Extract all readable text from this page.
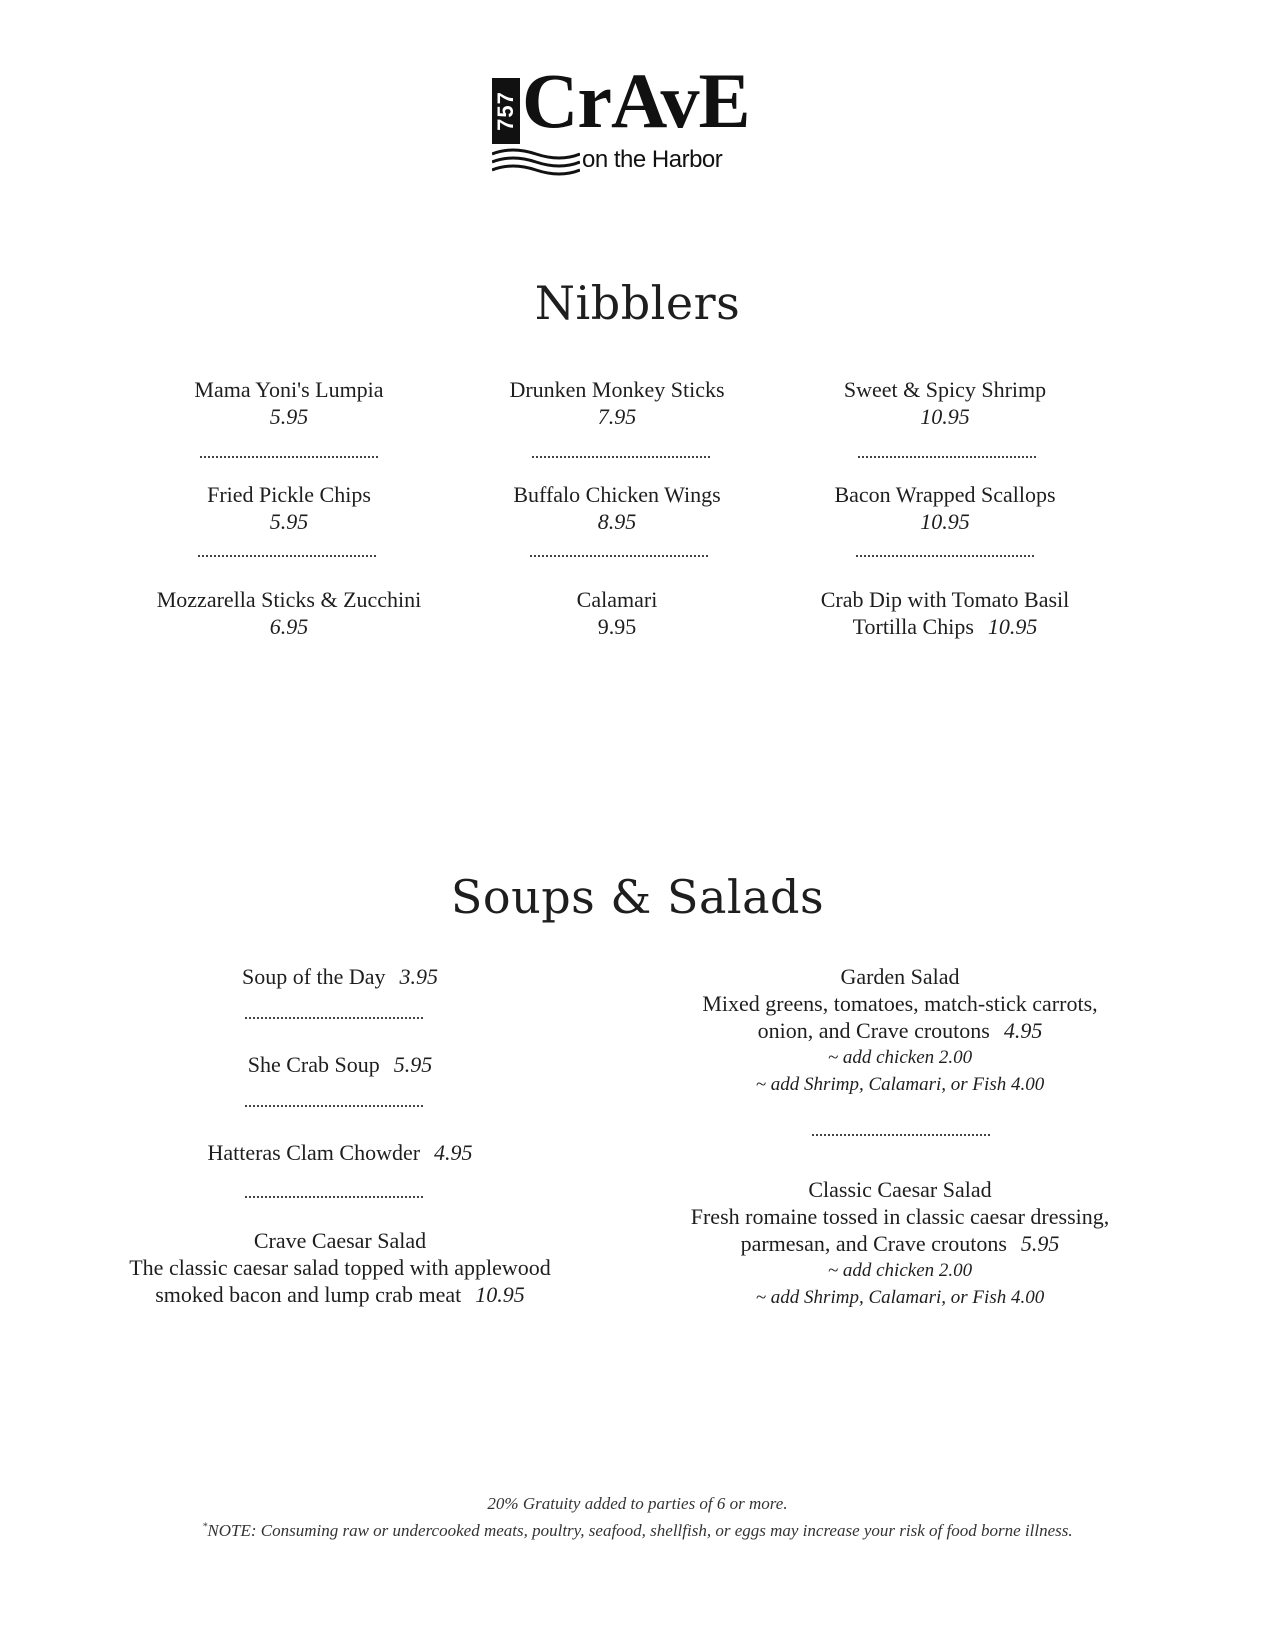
757 CrAvE
on the Harbor
Nibblers
Mama Yoni's Lumpia
5.95
Drunken Monkey Sticks
7.95
Sweet & Spicy Shrimp
10.95
Fried Pickle Chips
5.95
Buffalo Chicken Wings
8.95
Bacon Wrapped Scallops
10.95
Mozzarella Sticks & Zucchini
6.95
Calamari
9.95
Crab Dip with Tomato Basil
Tortilla Chips 10.95
Soups & Salads
Soup of the Day 3.95
She Crab Soup 5.95
Hatteras Clam Chowder 4.95
Crave Caesar Salad
The classic caesar salad topped with applewood
smoked bacon and lump crab meat 10.95
Garden Salad
Mixed greens, tomatoes, match-stick carrots,
onion, and Crave croutons 4.95
~ add chicken 2.00
~ add Shrimp, Calamari, or Fish 4.00
Classic Caesar Salad
Fresh romaine tossed in classic caesar dressing,
parmesan, and Crave croutons 5.95
~ add chicken 2.00
~ add Shrimp, Calamari, or Fish 4.00
20% Gratuity added to parties of 6 or more.
*NOTE: Consuming raw or undercooked meats, poultry, seafood, shellfish, or eggs may increase your risk of food borne illness.
